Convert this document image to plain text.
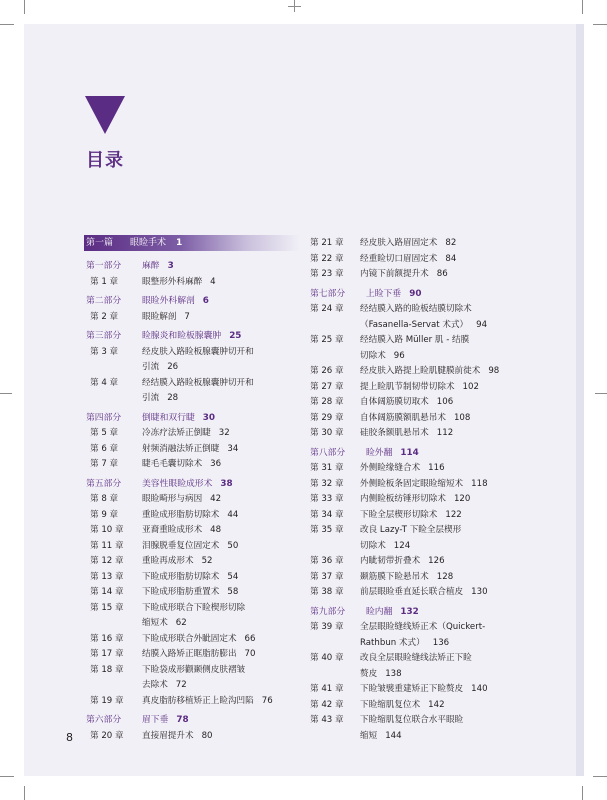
目录
第一篇 眼睑手术 1
第一部分 麻醉 3
第 1 章	眼整形外科麻醉 4
第二部分 眼睑外科解剖 6
第 2 章	眼睑解剖 7
第三部分 睑腺炎和睑板腺囊肿 25
第 3 章	经皮肤入路睑板腺囊肿切开和
引流 26
第 4 章	经结膜入路睑板腺囊肿切开和
引流 28
第四部分 倒睫和双行睫 30
第 5 章	冷冻疗法矫正倒睫 32
第 6 章	射频消融法矫正倒睫 34
第 7 章	睫毛毛囊切除术 36
第五部分 美容性眼睑成形术 38
第 8 章	眼睑畸形与病因 42
第 9 章	重睑成形脂肪切除术 44
第 10 章 亚裔重睑成形术 48
第 11 章 泪腺脱垂复位固定术 50
第 12 章 重睑再成形术 52
第 13 章 下睑成形脂肪切除术 54
第 14 章 下睑成形脂肪重置术 58
第 15 章 下睑成形联合下睑楔形切除
缩短术 62
第 16 章 下睑成形联合外眦固定术 66
第 17 章 结膜入路矫正眶脂肪膨出 70
第 18 章 下睑袋成形颧颞侧皮肤褶皱
去除术 72
第 19 章 真皮脂肪移植矫正上睑沟凹陷 76
第六部分 眉下垂 78
第 20 章 直接眉提升术 80
第 21 章 经皮肤入路眉固定术 82
第 22 章 经重睑切口眉固定术 84
第 23 章 内镜下前额提升术 86
第七部分 上睑下垂 90
第 24 章 经结膜入路的睑板结膜切除术
（Fasanella-Servat 术式） 94
第 25 章 经结膜入路 Müller 肌 - 结膜
切除术 96
第 26 章 经皮肤入路提上睑肌腱膜前徙术 98
第 27 章 提上睑肌节制韧带切除术 102
第 28 章 自体阔筋膜切取术 106
第 29 章 自体阔筋膜额肌悬吊术 108
第 30 章 硅胶条额肌悬吊术 112
第八部分 睑外翻 114
第 31 章 外侧睑缘缝合术 116
第 32 章 外侧睑板条固定眼睑缩短术 118
第 33 章 内侧睑板纺锤形切除术 120
第 34 章 下睑全层楔形切除术 122
第 35 章 改良 Lazy-T 下睑全层楔形
切除术 124
第 36 章 内眦韧带折叠术 126
第 37 章 颞筋膜下睑悬吊术 128
第 38 章 前层眼睑垂直延长联合植皮 130
第九部分 睑内翻 132
第 39 章 全层眼睑缝线矫正术（Quickert-
Rathbun 术式） 136
第 40 章 改良全层眼睑缝线法矫正下睑
赘皮 138
第 41 章 下睑皱襞重建矫正下睑赘皮 140
第 42 章 下睑缩肌复位术 142
第 43 章 下睑缩肌复位联合水平眼睑
缩短 144
8
